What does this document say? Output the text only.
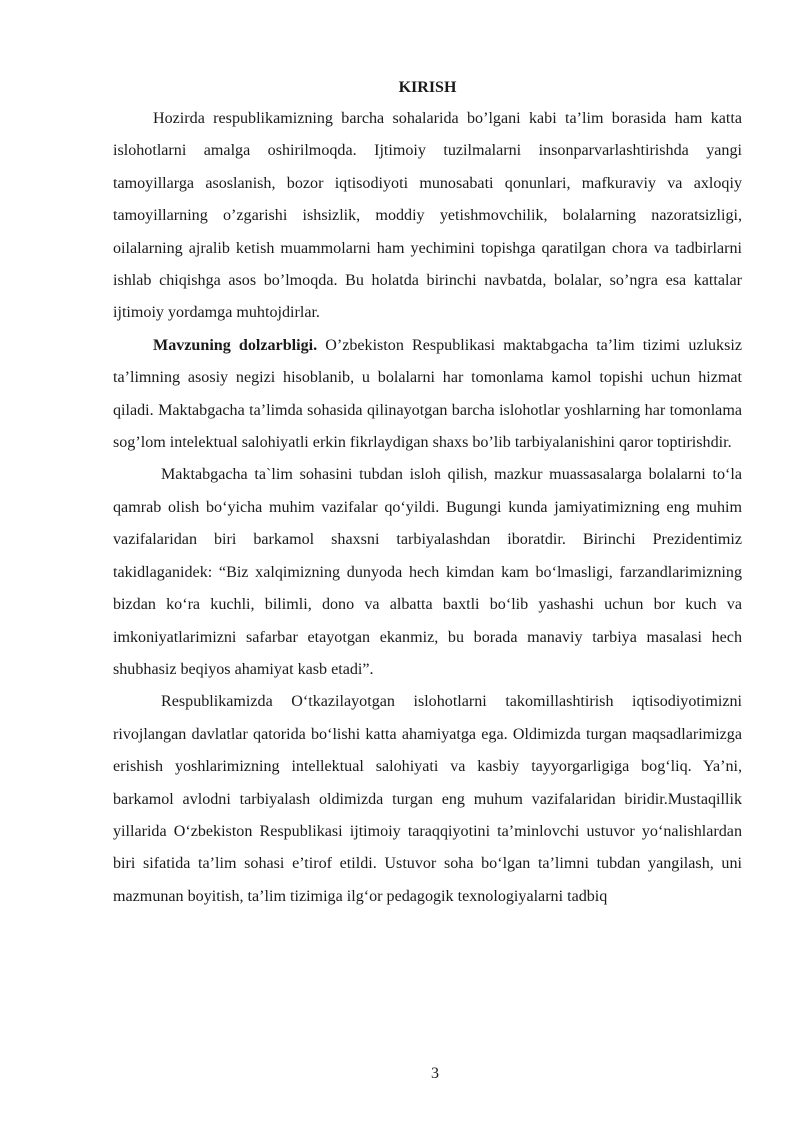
KIRISH

Hozirda respublikamizning barcha sohalarida bo’lgani kabi ta’lim borasida ham katta islohotlarni amalga oshirilmoqda. Ijtimoiy tuzilmalarni insonparvarlashtirishda yangi tamoyillarga asoslanish, bozor iqtisodiyoti munosabati qonunlari, mafkuraviy va axloqiy tamoyillarning o’zgarishi ishsizlik, moddiy yetishmovchilik, bolalarning nazoratsizligi, oilalarning ajralib ketish muammolarni ham yechimini topishga qaratilgan chora va tadbirlarni ishlab chiqishga asos bo’lmoqda. Bu holatda birinchi navbatda, bolalar, so’ngra esa kattalar ijtimoiy yordamga muhtojdirlar.

Mavzuning dolzarbligi. O’zbekiston Respublikasi maktabgacha ta’lim tizimi uzluksiz ta’limning asosiy negizi hisoblanib, u bolalarni har tomonlama kamol topishi uchun hizmat qiladi. Maktabgacha ta’limda sohasida qilinayotgan barcha islohotlar yoshlarning har tomonlama sog’lom intelektual salohiyatli erkin fikrlaydigan shaxs bo’lib tarbiyalanishini qaror toptirishdir.

Maktabgacha ta`lim sohasini tubdan isloh qilish, mazkur muassasalarga bolalarni to‘la qamrab olish bo‘yicha muhim vazifalar qo‘yildi. Bugungi kunda jamiyatimizning eng muhim vazifalaridan biri barkamol shaxsni tarbiyalashdan iboratdir. Birinchi Prezidentimiz takidlaganidek: “Biz xalqimizning dunyoda hech kimdan kam bo‘lmasligi, farzandlarimizning bizdan ko‘ra kuchli, bilimli, dono va albatta baxtli bo‘lib yashashi uchun bor kuch va imkoniyatlarimizni safarbar etayotgan ekanmiz, bu borada manaviy tarbiya masalasi hech shubhasiz beqiyos ahamiyat kasb etadi”.

Respublikamizda O‘tkazilayotgan islohotlarni takomillashtirish iqtisodiyotimizni rivojlangan davlatlar qatorida bo‘lishi katta ahamiyatga ega. Oldimizda turgan maqsadlarimizga erishish yoshlarimizning intellektual salohiyati va kasbiy tayyorgarligiga bog‘liq. Ya’ni, barkamol avlodni tarbiyalash oldimizda turgan eng muhum vazifalaridan biridir.Mustaqillik yillarida O‘zbekiston Respublikasi ijtimoiy taraqqiyotini ta’minlovchi ustuvor yo‘nalishlardan biri sifatida ta’lim sohasi e’tirof etildi. Ustuvor soha bo‘lgan ta’limni tubdan yangilash, uni mazmunan boyitish, ta’lim tizimiga ilg‘or pedagogik texnologiyalarni tadbiq

3
